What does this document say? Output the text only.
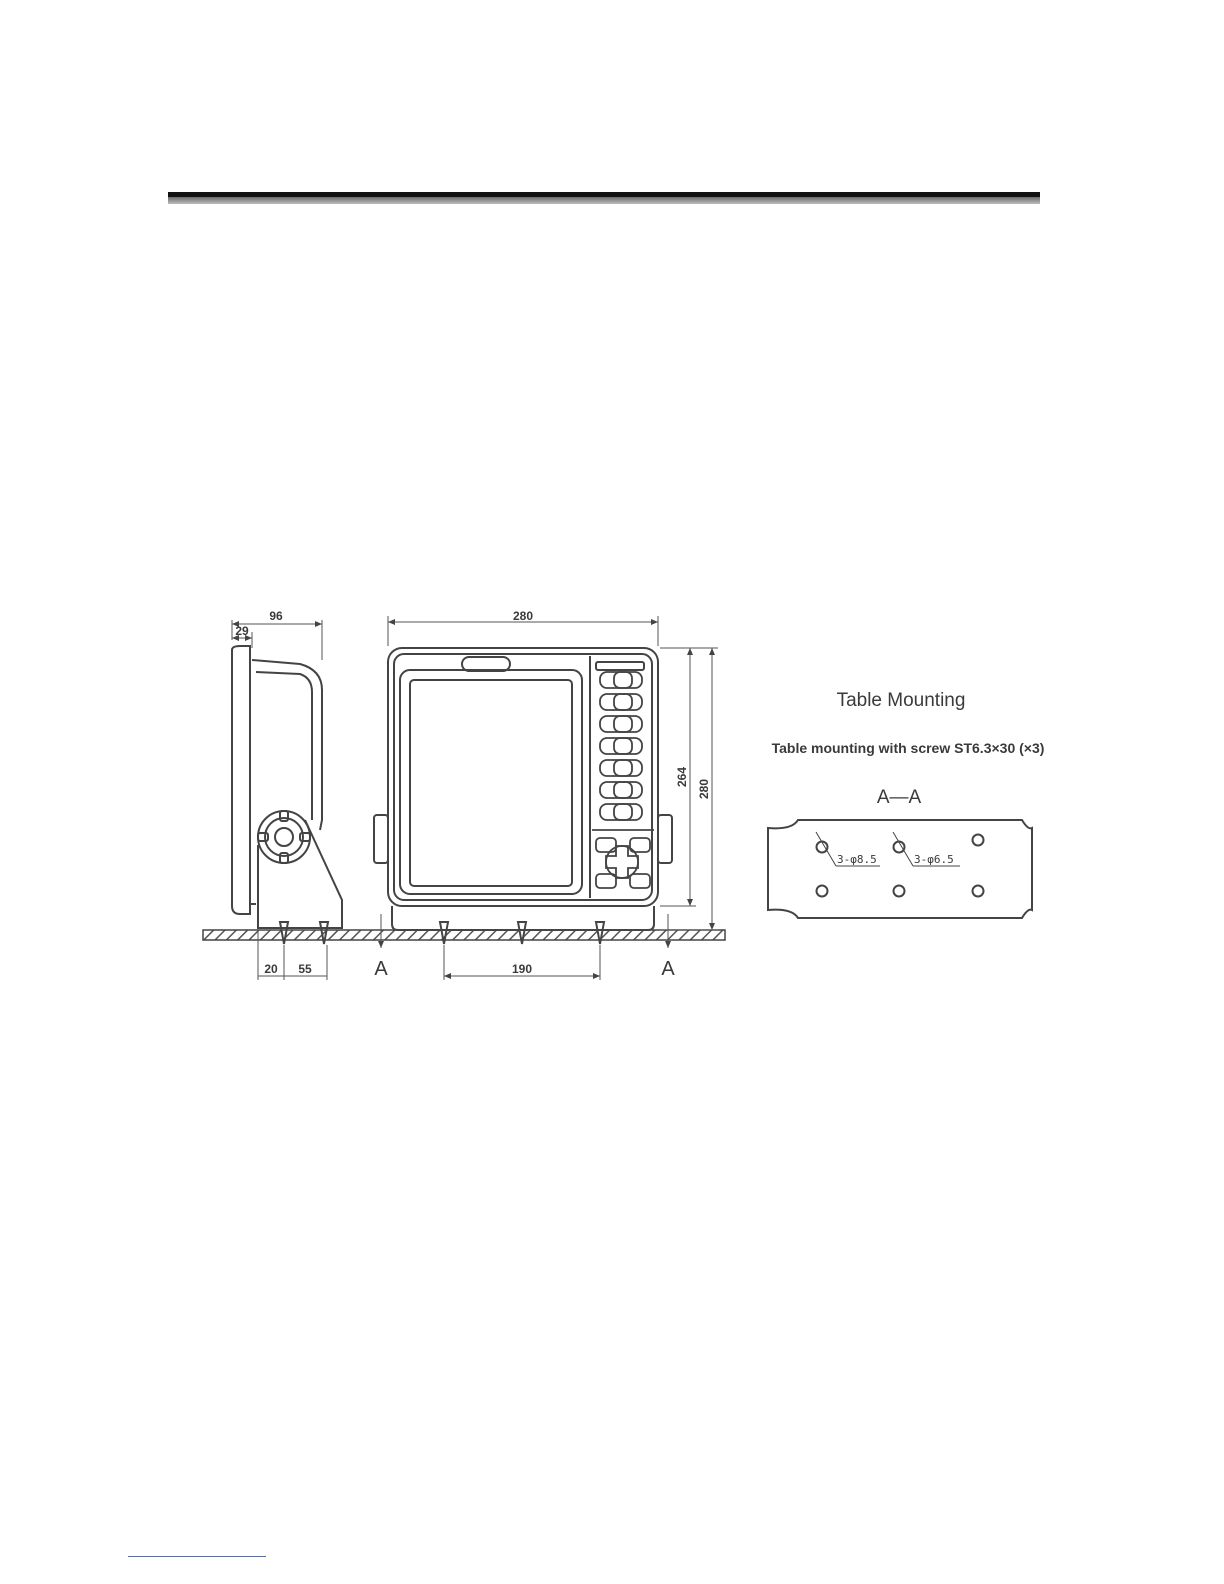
96
29
20 55
280
264
280
190
A	A
Table Mounting
Table mounting with screw ST6.3×30 (×3)
A—A
3-φ8.5	3-φ6.5
